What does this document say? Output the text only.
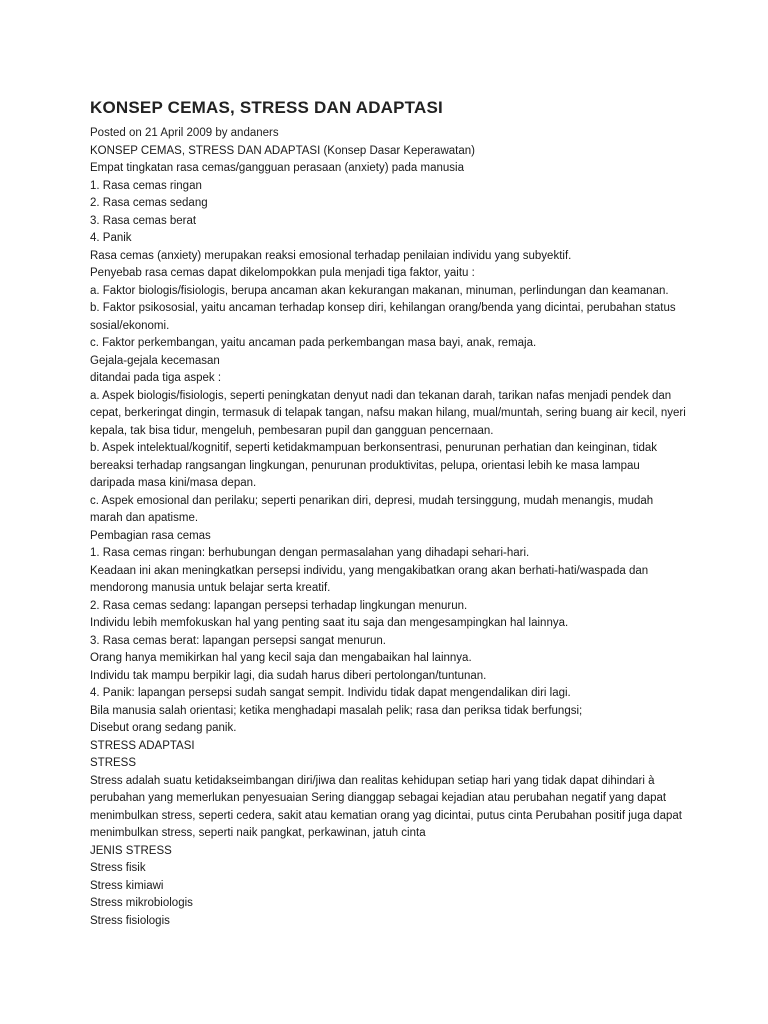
KONSEP CEMAS, STRESS DAN ADAPTASI
Posted on 21 April 2009 by andaners
KONSEP CEMAS, STRESS DAN ADAPTASI (Konsep Dasar Keperawatan)
Empat tingkatan rasa cemas/gangguan perasaan (anxiety) pada manusia
1. Rasa cemas ringan
2. Rasa cemas sedang
3. Rasa cemas berat
4. Panik
Rasa cemas (anxiety) merupakan reaksi emosional terhadap penilaian individu yang subyektif.
Penyebab rasa cemas dapat dikelompokkan pula menjadi tiga faktor, yaitu :
a. Faktor biologis/fisiologis, berupa ancaman akan kekurangan makanan, minuman, perlindungan dan keamanan.
b. Faktor psikososial, yaitu ancaman terhadap konsep diri, kehilangan orang/benda yang dicintai, perubahan status
sosial/ekonomi.
c. Faktor perkembangan, yaitu ancaman pada perkembangan masa bayi, anak, remaja.
Gejala-gejala kecemasan
ditandai pada tiga aspek :
a. Aspek biologis/fisiologis, seperti peningkatan denyut nadi dan tekanan darah, tarikan nafas menjadi pendek dan
cepat, berkeringat dingin, termasuk di telapak tangan, nafsu makan hilang, mual/muntah, sering buang air kecil, nyeri
kepala, tak bisa tidur, mengeluh, pembesaran pupil dan gangguan pencernaan.
b. Aspek intelektual/kognitif, seperti ketidakmampuan berkonsentrasi, penurunan perhatian dan keinginan, tidak
bereaksi terhadap rangsangan lingkungan, penurunan produktivitas, pelupa, orientasi lebih ke masa lampau
daripada masa kini/masa depan.
c. Aspek emosional dan perilaku; seperti penarikan diri, depresi, mudah tersinggung, mudah menangis, mudah
marah dan apatisme.
Pembagian rasa cemas
1. Rasa cemas ringan: berhubungan dengan permasalahan yang dihadapi sehari-hari.
Keadaan ini akan meningkatkan persepsi individu, yang mengakibatkan orang akan berhati-hati/waspada dan
mendorong manusia untuk belajar serta kreatif.
2. Rasa cemas sedang: lapangan persepsi terhadap lingkungan menurun.
Individu lebih memfokuskan hal yang penting saat itu saja dan mengesampingkan hal lainnya.
3. Rasa cemas berat: lapangan persepsi sangat menurun.
Orang hanya memikirkan hal yang kecil saja dan mengabaikan hal lainnya.
Individu tak mampu berpikir lagi, dia sudah harus diberi pertolongan/tuntunan.
4. Panik: lapangan persepsi sudah sangat sempit. Individu tidak dapat mengendalikan diri lagi.
Bila manusia salah orientasi; ketika menghadapi masalah pelik; rasa dan periksa tidak berfungsi;
Disebut orang sedang panik.
STRESS ADAPTASI
STRESS
Stress adalah suatu ketidakseimbangan diri/jiwa dan realitas kehidupan setiap hari yang tidak dapat dihindari à
perubahan yang memerlukan penyesuaian Sering dianggap sebagai kejadian atau perubahan negatif yang dapat
menimbulkan stress, seperti cedera, sakit atau kematian orang yag dicintai, putus cinta Perubahan positif juga dapat
menimbulkan stress, seperti naik pangkat, perkawinan, jatuh cinta
JENIS STRESS
Stress fisik
Stress kimiawi
Stress mikrobiologis
Stress fisiologis
